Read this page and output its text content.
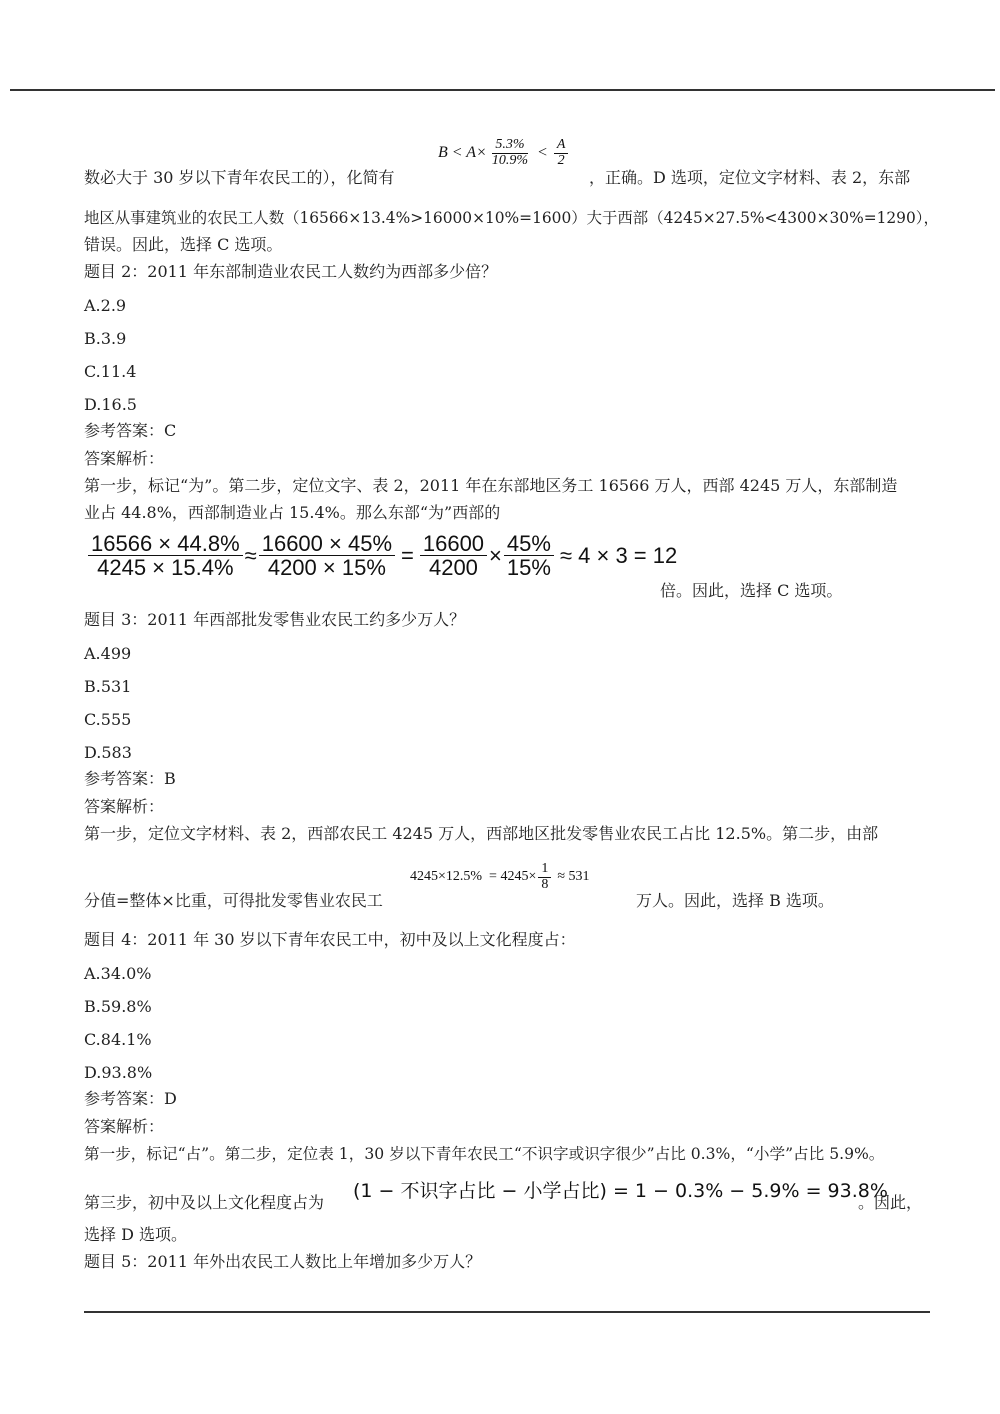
$B < A\times \frac{5.3\%}{10.9\%} < \frac{A}{2}$
数必大于 30 岁以下青年农民工的），化简有	，正确。D 选项，定位文字材料、表 2，东部
地区从事建筑业的农民工人数（16566×13.4%>16000×10%=1600）大于西部（4245×27.5%<4300×30%=1290），
错误。因此，选择 C 选项。
题目 2：2011 年东部制造业农民工人数约为西部多少倍？
A.2.9
B.3.9
C.11.4
D.16.5
参考答案：C
答案解析：
第一步，标记“为”。第二步，定位文字、表 2，2011 年在东部地区务工 16566 万人，西部 4245 万人，东部制造
业占 44.8%，西部制造业占 15.4%。那么东部“为”西部的
$\frac{16566 \times 44.8\%}{4245 \times 15.4\%} \approx \frac{16600 \times 45\%}{4200 \times 15\%} = \frac{16600}{4200} \times \frac{45\%}{15\%} \approx 4 \times 3 = 12$
倍。因此，选择 C 选项。
题目 3：2011 年西部批发零售业农民工约多少万人？
A.499
B.531
C.555
D.583
参考答案：B
答案解析：
第一步，定位文字材料、表 2，西部农民工 4245 万人，西部地区批发零售业农民工占比 12.5%。第二步，由部
$4245\times 12.5\% = 4245\times \frac{1}{8} \approx 531$
分值=整体×比重，可得批发零售业农民工	万人。因此，选择 B 选项。
题目 4：2011 年 30 岁以下青年农民工中，初中及以上文化程度占：
A.34.0%
B.59.8%
C.84.1%
D.93.8%
参考答案：D
答案解析：
第一步，标记“占”。第二步，定位表 1，30 岁以下青年农民工“不识字或识字很少”占比 0.3%，“小学”占比 5.9%。
(1 − 不识字占比 − 小学占比) = 1 − 0.3% − 5.9% = 93.8%
第三步，初中及以上文化程度占为	。因此，
选择 D 选项。
题目 5：2011 年外出农民工人数比上年增加多少万人？
